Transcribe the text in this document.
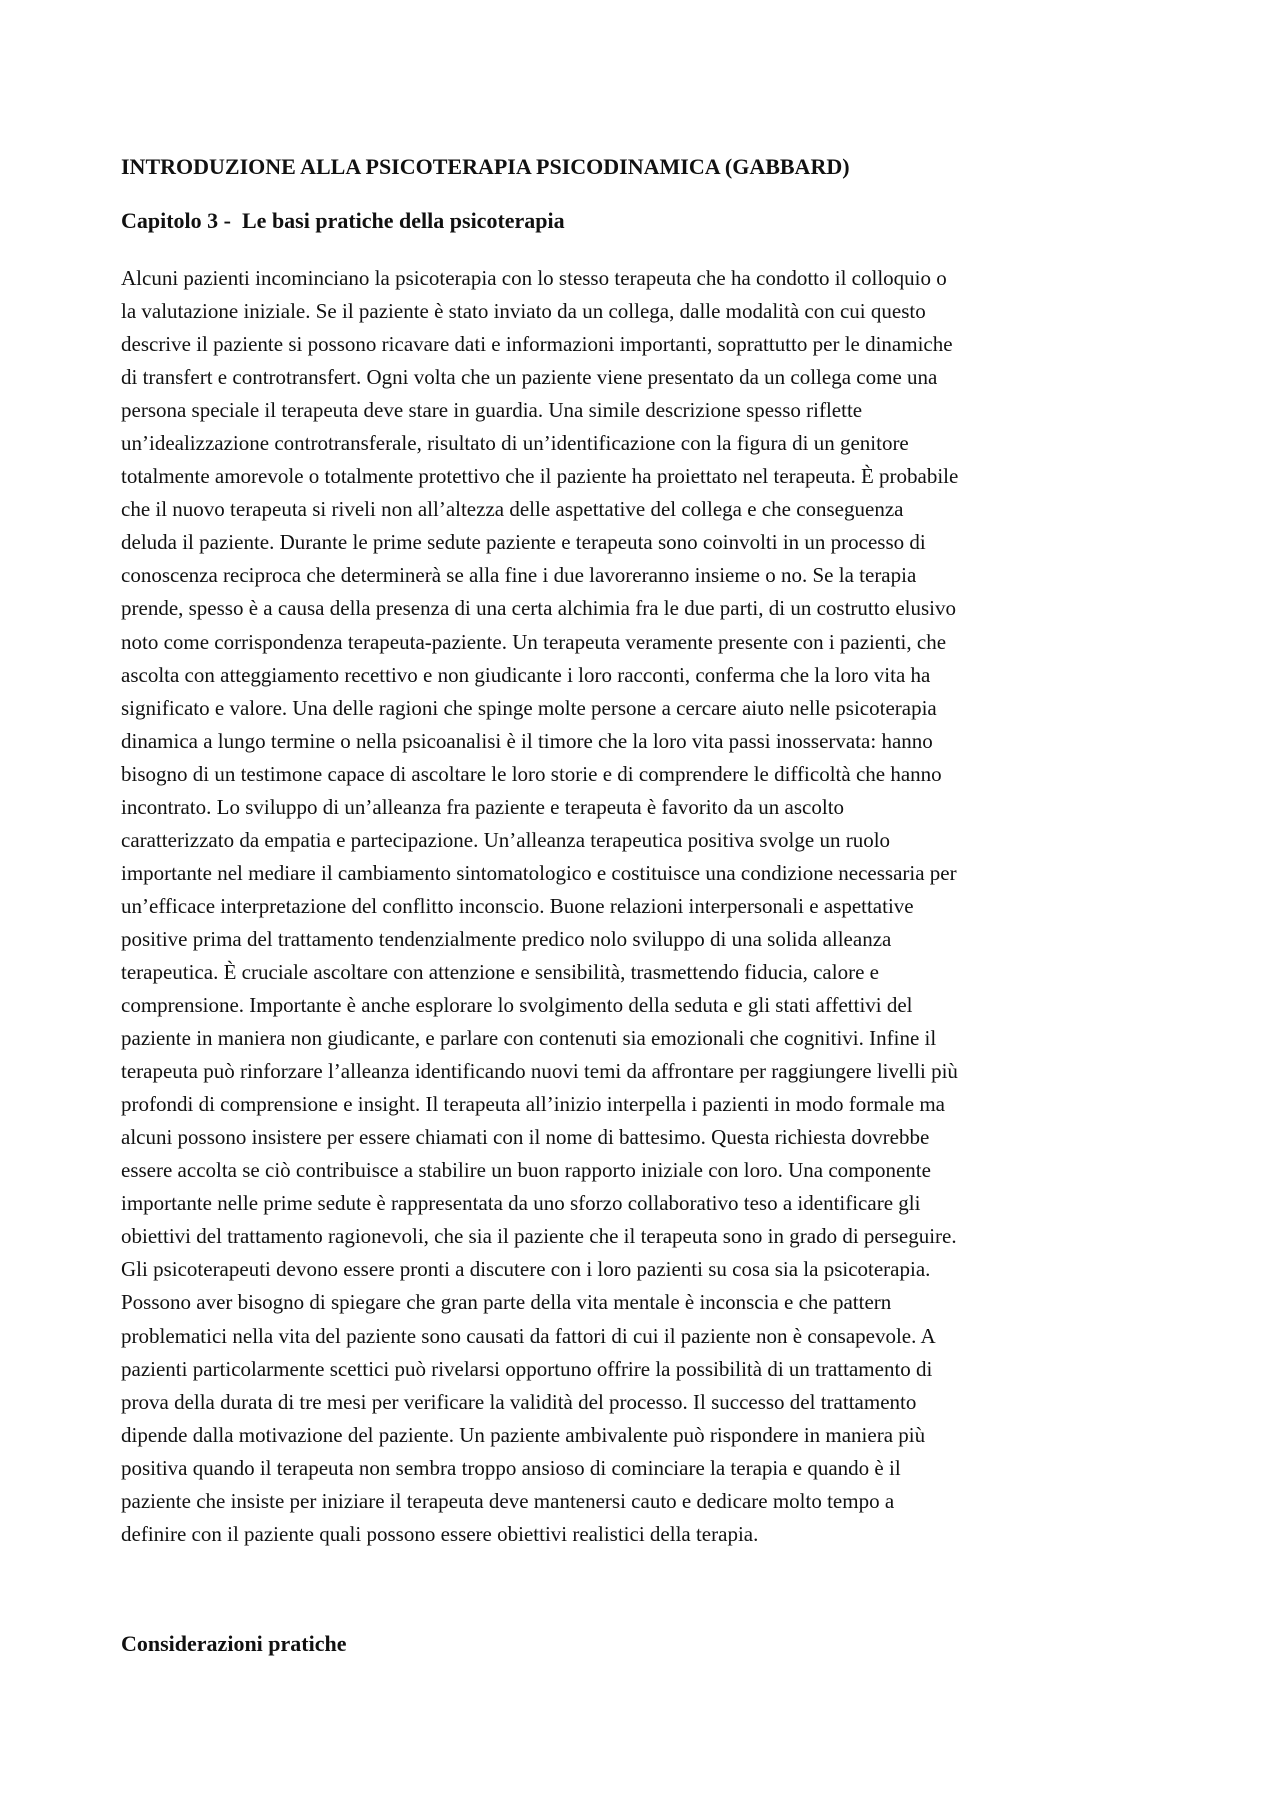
INTRODUZIONE ALLA PSICOTERAPIA PSICODINAMICA (GABBARD)
Capitolo 3 -  Le basi pratiche della psicoterapia

Alcuni pazienti incominciano la psicoterapia con lo stesso terapeuta che ha condotto il colloquio o
la valutazione iniziale. Se il paziente è stato inviato da un collega, dalle modalità con cui questo
descrive il paziente si possono ricavare dati e informazioni importanti, soprattutto per le dinamiche
di transfert e controtransfert. Ogni volta che un paziente viene presentato da un collega come una
persona speciale il terapeuta deve stare in guardia. Una simile descrizione spesso riflette
un’idealizzazione controtransferale, risultato di un’identificazione con la figura di un genitore
totalmente amorevole o totalmente protettivo che il paziente ha proiettato nel terapeuta. È probabile
che il nuovo terapeuta si riveli non all’altezza delle aspettative del collega e che conseguenza
deluda il paziente. Durante le prime sedute paziente e terapeuta sono coinvolti in un processo di
conoscenza reciproca che determinerà se alla fine i due lavoreranno insieme o no. Se la terapia
prende, spesso è a causa della presenza di una certa alchimia fra le due parti, di un costrutto elusivo
noto come corrispondenza terapeuta-paziente. Un terapeuta veramente presente con i pazienti, che
ascolta con atteggiamento recettivo e non giudicante i loro racconti, conferma che la loro vita ha
significato e valore. Una delle ragioni che spinge molte persone a cercare aiuto nelle psicoterapia
dinamica a lungo termine o nella psicoanalisi è il timore che la loro vita passi inosservata: hanno
bisogno di un testimone capace di ascoltare le loro storie e di comprendere le difficoltà che hanno
incontrato. Lo sviluppo di un’alleanza fra paziente e terapeuta è favorito da un ascolto
caratterizzato da empatia e partecipazione. Un’alleanza terapeutica positiva svolge un ruolo
importante nel mediare il cambiamento sintomatologico e costituisce una condizione necessaria per
un’efficace interpretazione del conflitto inconscio. Buone relazioni interpersonali e aspettative
positive prima del trattamento tendenzialmente predico nolo sviluppo di una solida alleanza
terapeutica. È cruciale ascoltare con attenzione e sensibilità, trasmettendo fiducia, calore e
comprensione. Importante è anche esplorare lo svolgimento della seduta e gli stati affettivi del
paziente in maniera non giudicante, e parlare con contenuti sia emozionali che cognitivi. Infine il
terapeuta può rinforzare l’alleanza identificando nuovi temi da affrontare per raggiungere livelli più
profondi di comprensione e insight. Il terapeuta all’inizio interpella i pazienti in modo formale ma
alcuni possono insistere per essere chiamati con il nome di battesimo. Questa richiesta dovrebbe
essere accolta se ciò contribuisce a stabilire un buon rapporto iniziale con loro. Una componente
importante nelle prime sedute è rappresentata da uno sforzo collaborativo teso a identificare gli
obiettivi del trattamento ragionevoli, che sia il paziente che il terapeuta sono in grado di perseguire.
Gli psicoterapeuti devono essere pronti a discutere con i loro pazienti su cosa sia la psicoterapia.
Possono aver bisogno di spiegare che gran parte della vita mentale è inconscia e che pattern
problematici nella vita del paziente sono causati da fattori di cui il paziente non è consapevole. A
pazienti particolarmente scettici può rivelarsi opportuno offrire la possibilità di un trattamento di
prova della durata di tre mesi per verificare la validità del processo. Il successo del trattamento
dipende dalla motivazione del paziente. Un paziente ambivalente può rispondere in maniera più
positiva quando il terapeuta non sembra troppo ansioso di cominciare la terapia e quando è il
paziente che insiste per iniziare il terapeuta deve mantenersi cauto e dedicare molto tempo a
definire con il paziente quali possono essere obiettivi realistici della terapia.

Considerazioni pratiche
